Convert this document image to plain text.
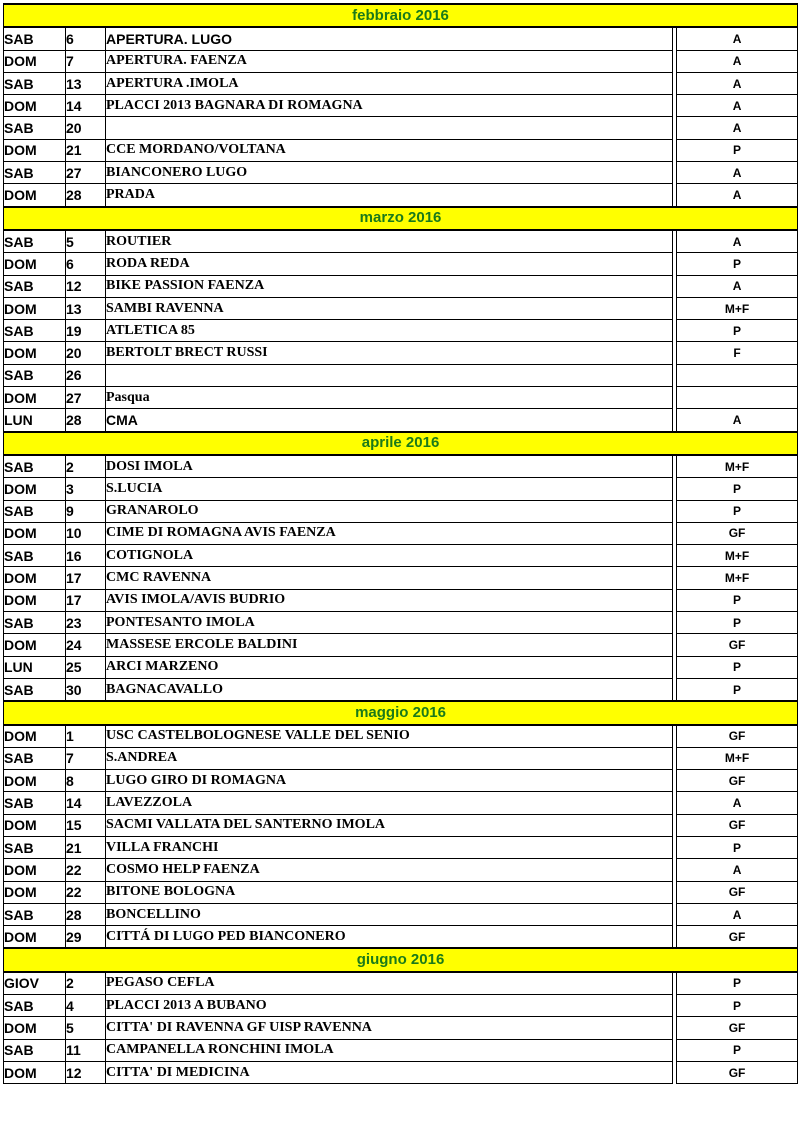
febbraio 2016				
SAB	6	APERTURA. LUGO		A
DOM	7	APERTURA. FAENZA		A
SAB	13	APERTURA .IMOLA		A
DOM	14	PLACCI 2013 BAGNARA DI ROMAGNA		A
SAB	20			A
DOM	21	CCE MORDANO/VOLTANA		P
SAB	27	BIANCONERO LUGO		A
DOM	28	PRADA		A
marzo 2016				
SAB	5	ROUTIER		A
DOM	6	RODA REDA		P
SAB	12	BIKE PASSION FAENZA		A
DOM	13	SAMBI RAVENNA		M+F
SAB	19	ATLETICA 85		P
DOM	20	BERTOLT BRECT RUSSI		F
SAB	26			
DOM	27	Pasqua		
LUN	28	CMA		A
aprile 2016				
SAB	2	DOSI IMOLA		M+F
DOM	3	S.LUCIA		P
SAB	9	GRANAROLO		P
DOM	10	CIME DI ROMAGNA AVIS FAENZA		GF
SAB	16	COTIGNOLA		M+F
DOM	17	CMC RAVENNA		M+F
DOM	17	AVIS IMOLA/AVIS BUDRIO		P
SAB	23	PONTESANTO IMOLA		P
DOM	24	MASSESE ERCOLE BALDINI		GF
LUN	25	ARCI MARZENO		P
SAB	30	BAGNACAVALLO		P
maggio 2016				
DOM	1	USC CASTELBOLOGNESE VALLE DEL SENIO		GF
SAB	7	S.ANDREA		M+F
DOM	8	LUGO GIRO DI ROMAGNA		GF
SAB	14	LAVEZZOLA		A
DOM	15	SACMI VALLATA DEL SANTERNO IMOLA		GF
SAB	21	VILLA FRANCHI		P
DOM	22	COSMO HELP FAENZA		A
DOM	22	BITONE BOLOGNA		GF
SAB	28	BONCELLINO		A
DOM	29	CITTÁ DI LUGO PED BIANCONERO		GF
giugno 2016				
GIOV	2	PEGASO CEFLA		P
SAB	4	PLACCI 2013 A BUBANO		P
DOM	5	CITTA' DI RAVENNA GF UISP RAVENNA		GF
SAB	11	CAMPANELLA RONCHINI IMOLA		P
DOM	12	CITTA' DI MEDICINA		GF
